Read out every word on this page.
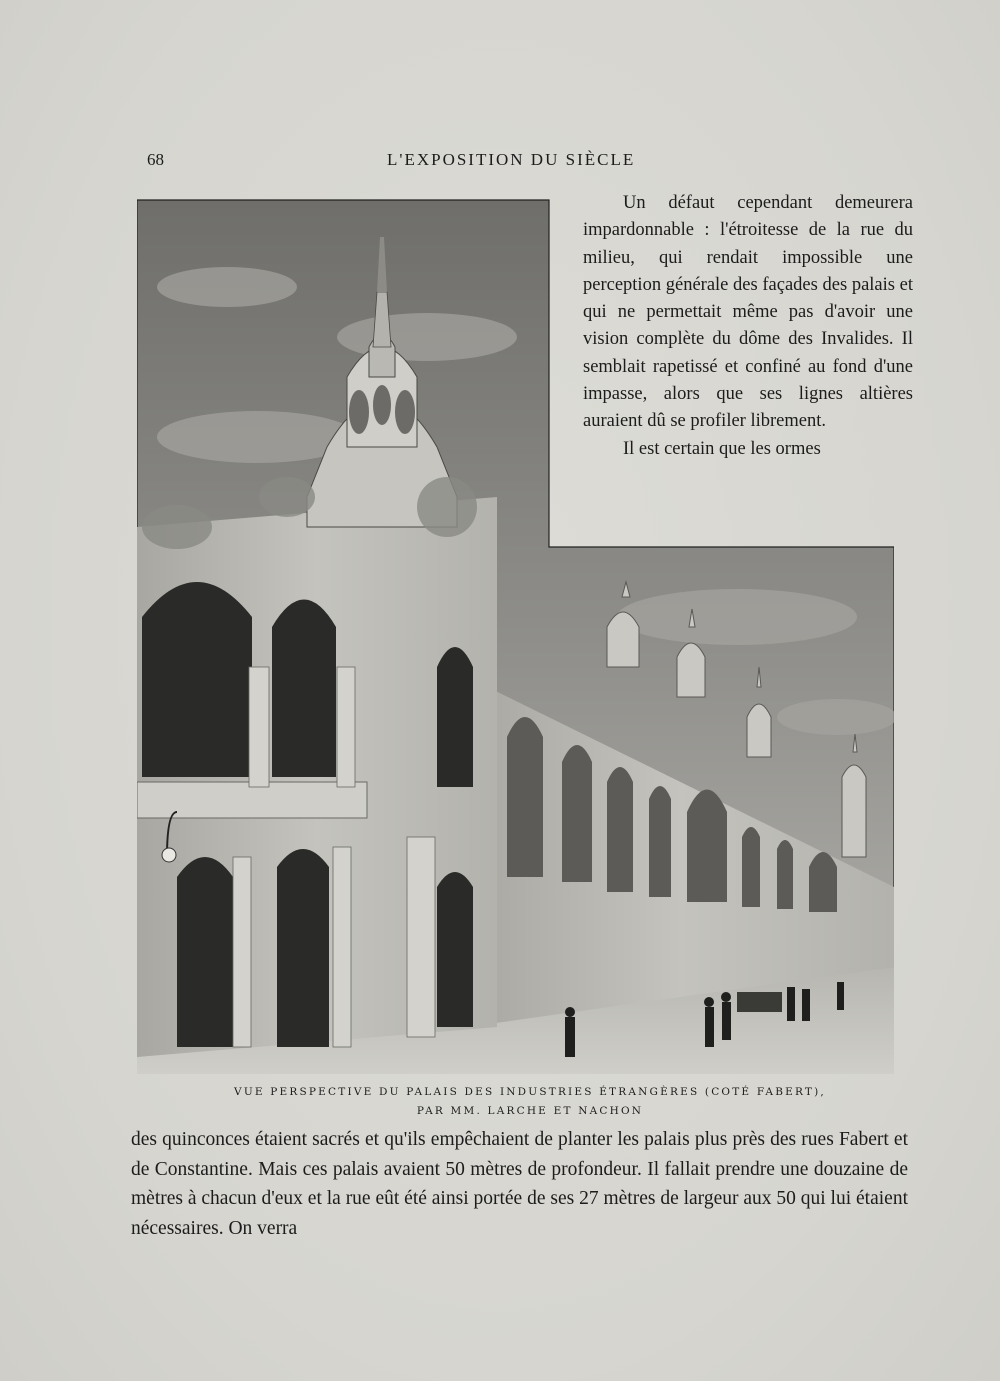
68	L'EXPOSITION DU SIÈCLE

Un défaut cependant demeurera impardonnable : l'étroitesse de la rue du milieu, qui rendait impossible une perception générale des façades des palais et qui ne permettait même pas d'avoir une vision complète du dôme des Invalides. Il semblait rapetissé et confiné au fond d'une impasse, alors que ses lignes altières auraient dû se profiler librement.

Il est certain que les ormes

VUE PERSPECTIVE DU PALAIS DES INDUSTRIES ÉTRANGÈRES (COTÉ FABERT),
PAR MM. LARCHE ET NACHON

des quinconces étaient sacrés et qu'ils empêchaient de planter les palais plus près des rues Fabert et de Constantine. Mais ces palais avaient 50 mètres de profondeur. Il fallait prendre une douzaine de mètres à chacun d'eux et la rue eût été ainsi portée de ses 27 mètres de largeur aux 50 qui lui étaient nécessaires. On verra
